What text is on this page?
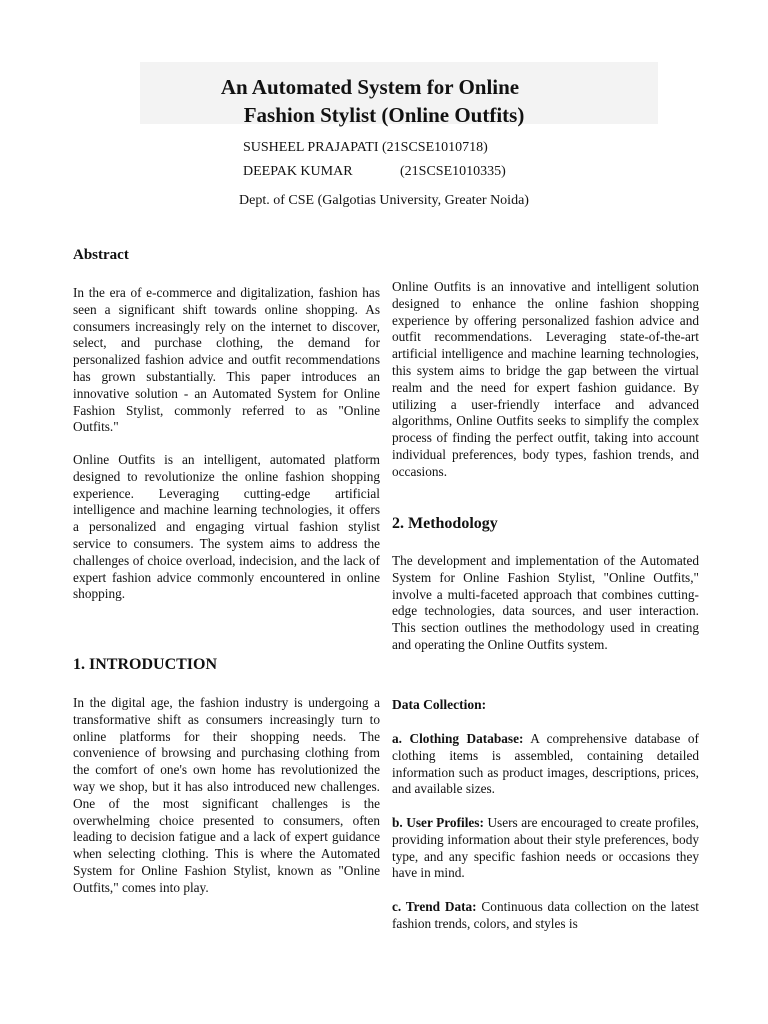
An Automated System for Online
Fashion Stylist (Online Outfits)
SUSHEEL PRAJAPATI (21SCSE1010718)
DEEPAK KUMAR	(21SCSE1010335)
Dept. of CSE (Galgotias University, Greater Noida)
Abstract

In the era of e-commerce and digitalization, fashion has seen a significant shift towards online shopping. As consumers increasingly rely on the internet to discover, select, and purchase clothing, the demand for personalized fashion advice and outfit recommendations has grown substantially. This paper introduces an innovative solution - an Automated System for Online Fashion Stylist, commonly referred to as "Online Outfits."

Online Outfits is an intelligent, automated platform designed to revolutionize the online fashion shopping experience. Leveraging cutting-edge artificial intelligence and machine learning technologies, it offers a personalized and engaging virtual fashion stylist service to consumers. The system aims to address the challenges of choice overload, indecision, and the lack of expert fashion advice commonly encountered in online shopping.

1. INTRODUCTION

In the digital age, the fashion industry is undergoing a transformative shift as consumers increasingly turn to online platforms for their shopping needs. The convenience of browsing and purchasing clothing from the comfort of one's own home has revolutionized the way we shop, but it has also introduced new challenges. One of the most significant challenges is the overwhelming choice presented to consumers, often leading to decision fatigue and a lack of expert guidance when selecting clothing. This is where the Automated System for Online Fashion Stylist, known as "Online Outfits," comes into play.

Online Outfits is an innovative and intelligent solution designed to enhance the online fashion shopping experience by offering personalized fashion advice and outfit recommendations. Leveraging state-of-the-art artificial intelligence and machine learning technologies, this system aims to bridge the gap between the virtual realm and the need for expert fashion guidance. By utilizing a user-friendly interface and advanced algorithms, Online Outfits seeks to simplify the complex process of finding the perfect outfit, taking into account individual preferences, body types, fashion trends, and occasions.

2. Methodology

The development and implementation of the Automated System for Online Fashion Stylist, "Online Outfits," involve a multi-faceted approach that combines cutting-edge technologies, data sources, and user interaction. This section outlines the methodology used in creating and operating the Online Outfits system.

Data Collection:

a. Clothing Database: A comprehensive database of clothing items is assembled, containing detailed information such as product images, descriptions, prices, and available sizes.

b. User Profiles: Users are encouraged to create profiles, providing information about their style preferences, body type, and any specific fashion needs or occasions they have in mind.

c. Trend Data: Continuous data collection on the latest fashion trends, colors, and styles is
